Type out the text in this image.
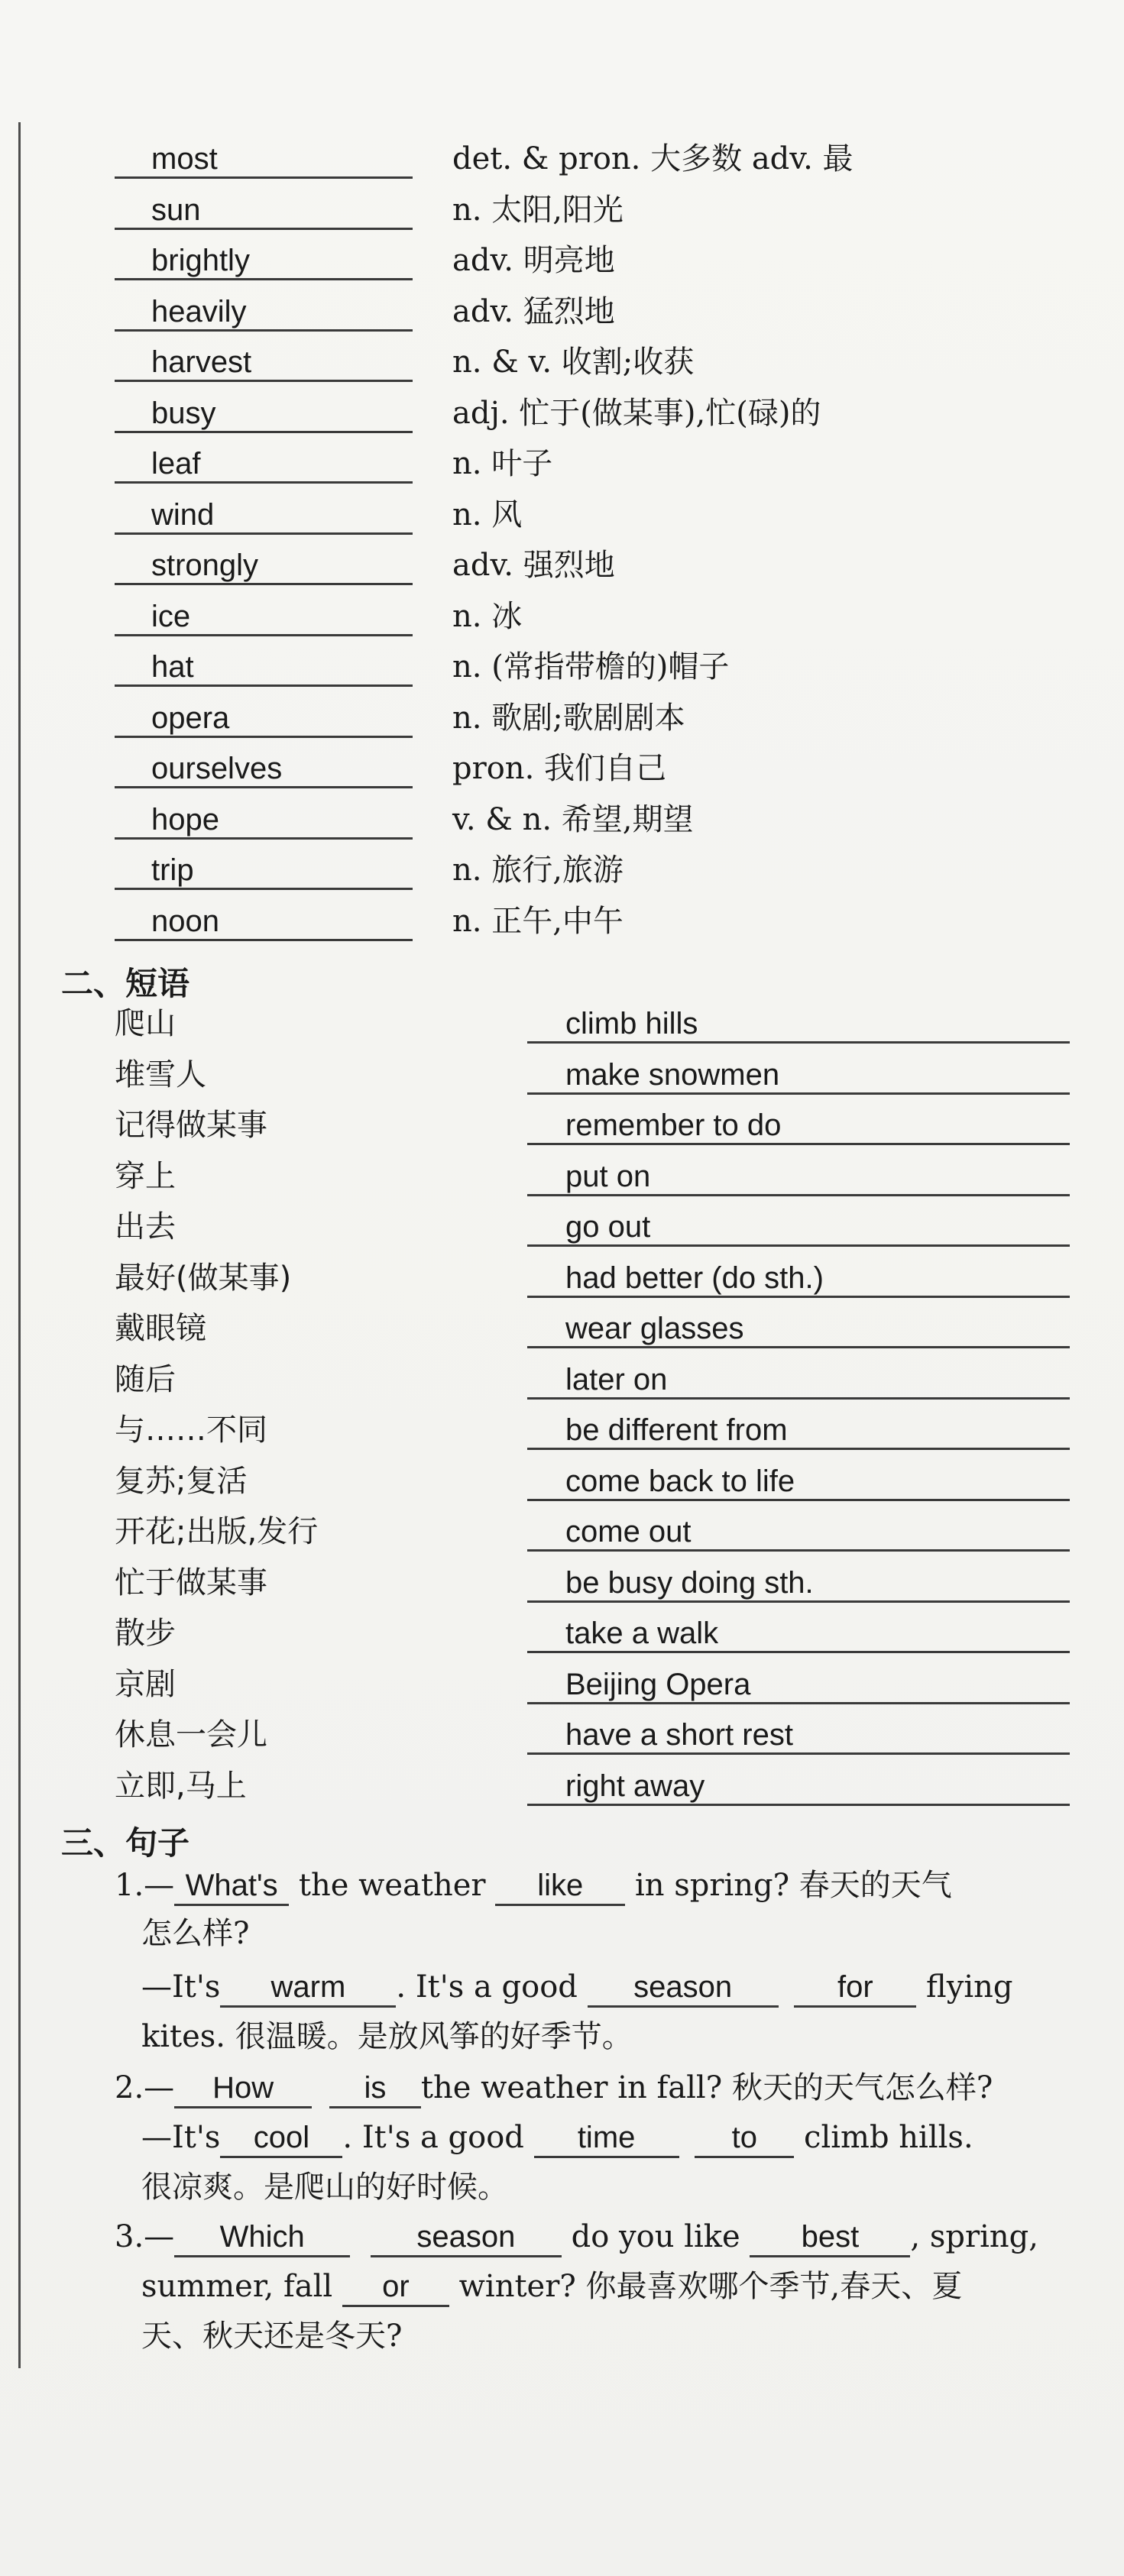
most	det. & pron. 大多数 adv. 最
sun	n. 太阳,阳光
brightly	adv. 明亮地
heavily	adv. 猛烈地
harvest	n. & v. 收割;收获
busy	adj. 忙于(做某事),忙(碌)的
leaf	n. 叶子
wind	n. 风
strongly	adv. 强烈地
ice	n. 冰
hat	n. (常指带檐的)帽子
opera	n. 歌剧;歌剧剧本
ourselves	pron. 我们自己
hope	v. & n. 希望,期望
trip	n. 旅行,旅游
noon	n. 正午,中午
二、短语
爬山	climb hills
堆雪人	make snowmen
记得做某事	remember to do
穿上	put on
出去	go out
最好(做某事)	had better (do sth.)
戴眼镜	wear glasses
随后	later on
与……不同	be different from
复苏;复活	come back to life
开花;出版,发行	come out
忙于做某事	be busy doing sth.
散步	take a walk
京剧	Beijing Opera
休息一会儿	have a short rest
立即,马上	right away
三、句子
1.— What's the weather like in spring? 春天的天气
怎么样?
—It's warm . It's a good season	for flying
kites. 很温暖。是放风筝的好季节。
2.— How	is the weather in fall? 秋天的天气怎么样?
—It's cool . It's a good time	to climb hills.
很凉爽。是爬山的好时候。
3.— Which	season do you like best , spring,
summer, fall or winter? 你最喜欢哪个季节,春天、夏
天、秋天还是冬天?
